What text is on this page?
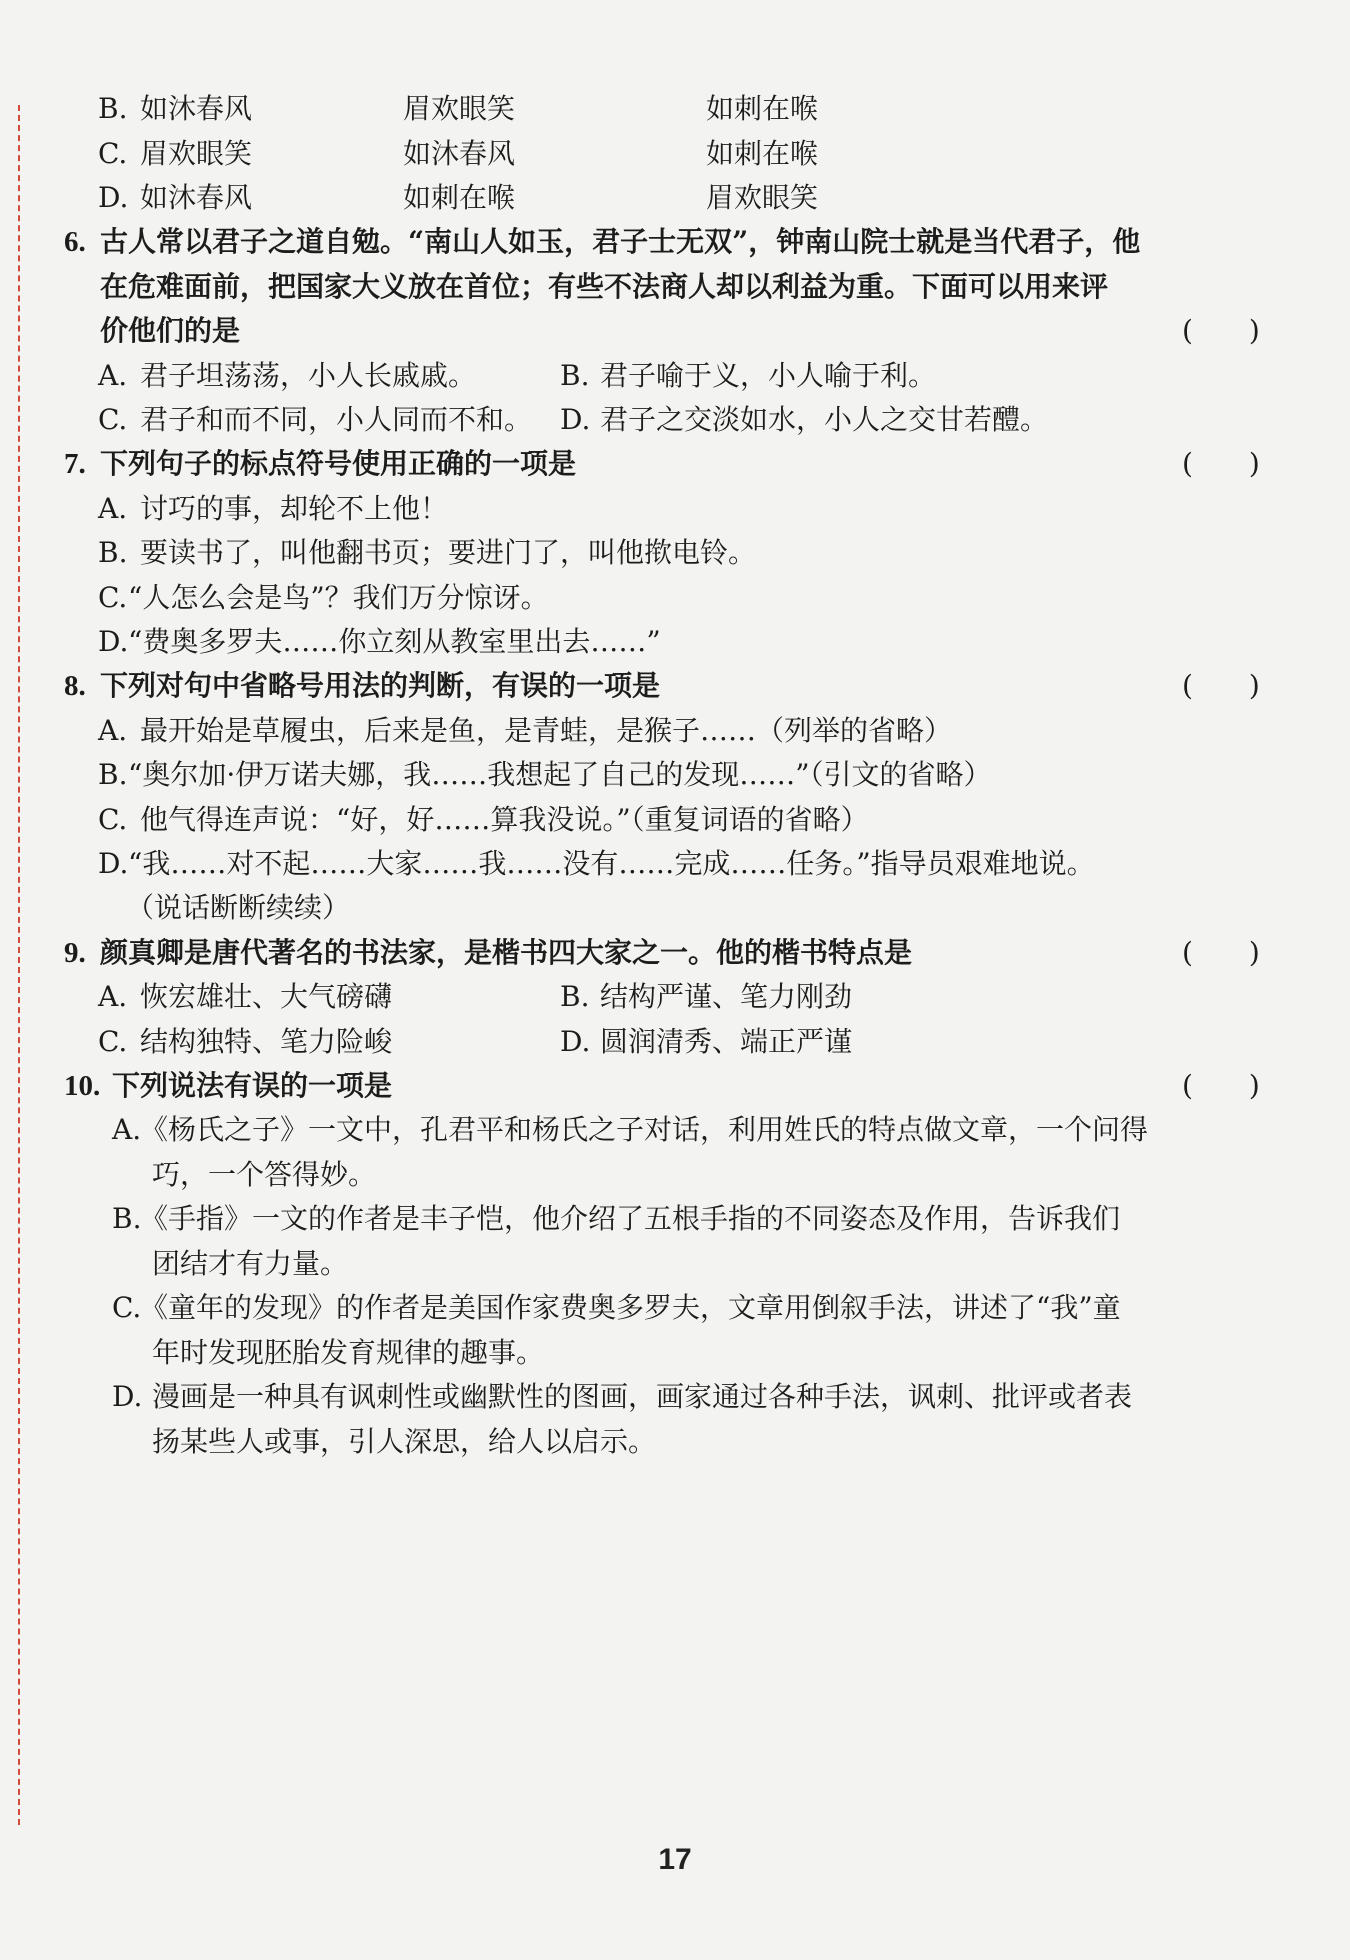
B. 如沐春风	眉欢眼笑	如刺在喉
C. 眉欢眼笑	如沐春风	如刺在喉
D. 如沐春风	如刺在喉	眉欢眼笑
6. 古人常以君子之道自勉。“南山人如玉，君子士无双”，钟南山院士就是当代君子，他
在危难面前，把国家大义放在首位；有些不法商人却以利益为重。下面可以用来评
价他们的是	(　　)
A. 君子坦荡荡，小人长戚戚。	B. 君子喻于义，小人喻于利。
C. 君子和而不同，小人同而不和。 D. 君子之交淡如水，小人之交甘若醴。
7. 下列句子的标点符号使用正确的一项是	(　　)
A. 讨巧的事，却轮不上他！
B. 要读书了，叫他翻书页；要进门了，叫他揿电铃。
C. “人怎么会是鸟”？我们万分惊讶。
D. “费奥多罗夫……你立刻从教室里出去……”
8. 下列对句中省略号用法的判断，有误的一项是	(　　)
A. 最开始是草履虫，后来是鱼，是青蛙，是猴子……（列举的省略）
B. “奥尔加·伊万诺夫娜，我……我想起了自己的发现……”（引文的省略）
C. 他气得连声说：“好，好……算我没说。”（重复词语的省略）
D. “我……对不起……大家……我……没有……完成……任务。”指导员艰难地说。
（说话断断续续）
9. 颜真卿是唐代著名的书法家，是楷书四大家之一。他的楷书特点是	(　　)
A. 恢宏雄壮、大气磅礴	B. 结构严谨、笔力刚劲
C. 结构独特、笔力险峻	D. 圆润清秀、端正严谨
10. 下列说法有误的一项是	(　　)
A.
《杨氏之子》一文中，孔君平和杨氏之子对话，利用姓氏的特点做文章，一个问得
巧，一个答得妙。
B.
《手指》一文的作者是丰子恺，他介绍了五根手指的不同姿态及作用，告诉我们
团结才有力量。
C.
《童年的发现》的作者是美国作家费奥多罗夫，文章用倒叙手法，讲述了“我”童
年时发现胚胎发育规律的趣事。
D. 漫画是一种具有讽刺性或幽默性的图画，画家通过各种手法，讽刺、批评或者表
扬某些人或事，引人深思，给人以启示。
17
